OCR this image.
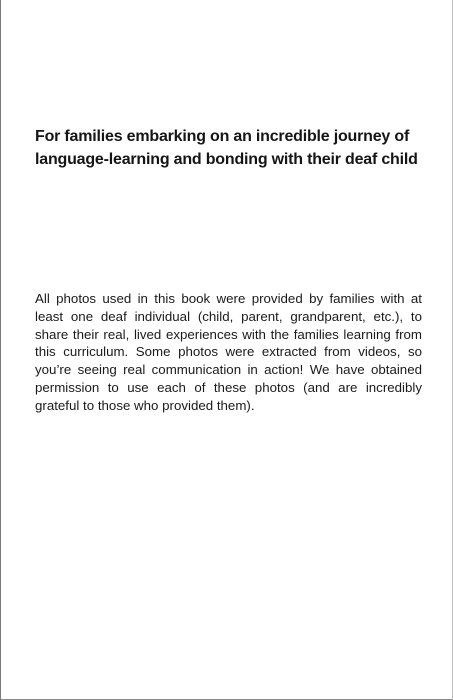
For families embarking on an incredible journey of language-learning and bonding with their deaf child

All photos used in this book were provided by families with at least one deaf individual (child, parent, grandparent, etc.), to share their real, lived experiences with the families learning from this curriculum. Some photos were extracted from videos, so you’re seeing real communication in action! We have obtained permission to use each of these photos (and are incredibly grateful to those who provided them).
